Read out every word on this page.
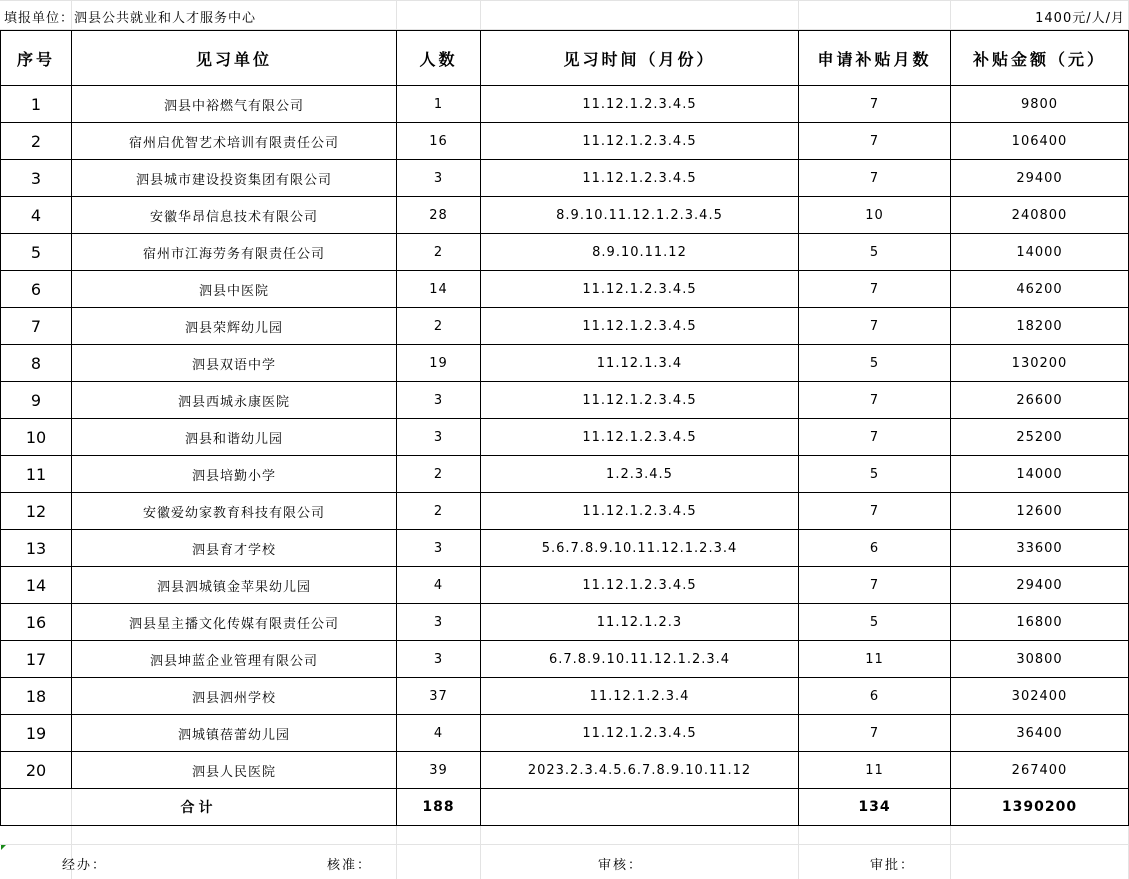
填报单位：泗县公共就业和人才服务中心	1400元/人/月
序号	见习单位	人数	见习时间（月份）	申请补贴月数	补贴金额（元）
1	泗县中裕燃气有限公司	1	11.12.1.2.3.4.5	7	9800
2	宿州启优智艺术培训有限责任公司	16	11.12.1.2.3.4.5	7	106400
3	泗县城市建设投资集团有限公司	3	11.12.1.2.3.4.5	7	29400
4	安徽华昂信息技术有限公司	28	8.9.10.11.12.1.2.3.4.5	10	240800
5	宿州市江海劳务有限责任公司	2	8.9.10.11.12	5	14000
6	泗县中医院	14	11.12.1.2.3.4.5	7	46200
7	泗县荣辉幼儿园	2	11.12.1.2.3.4.5	7	18200
8	泗县双语中学	19	11.12.1.3.4	5	130200
9	泗县西城永康医院	3	11.12.1.2.3.4.5	7	26600
10	泗县和谐幼儿园	3	11.12.1.2.3.4.5	7	25200
11	泗县培勤小学	2	1.2.3.4.5	5	14000
12	安徽爱幼家教育科技有限公司	2	11.12.1.2.3.4.5	7	12600
13	泗县育才学校	3	5.6.7.8.9.10.11.12.1.2.3.4	6	33600
14	泗县泗城镇金苹果幼儿园	4	11.12.1.2.3.4.5	7	29400
16	泗县星主播文化传媒有限责任公司	3	11.12.1.2.3	5	16800
17	泗县坤蓝企业管理有限公司	3	6.7.8.9.10.11.12.1.2.3.4	11	30800
18	泗县泗州学校	37	11.12.1.2.3.4	6	302400
19	泗城镇蓓蕾幼儿园	4	11.12.1.2.3.4.5	7	36400
20	泗县人民医院	39	2023.2.3.4.5.6.7.8.9.10.11.12	11	267400
合计		188		134	1390200
经办：	核准：	审核：	审批：
